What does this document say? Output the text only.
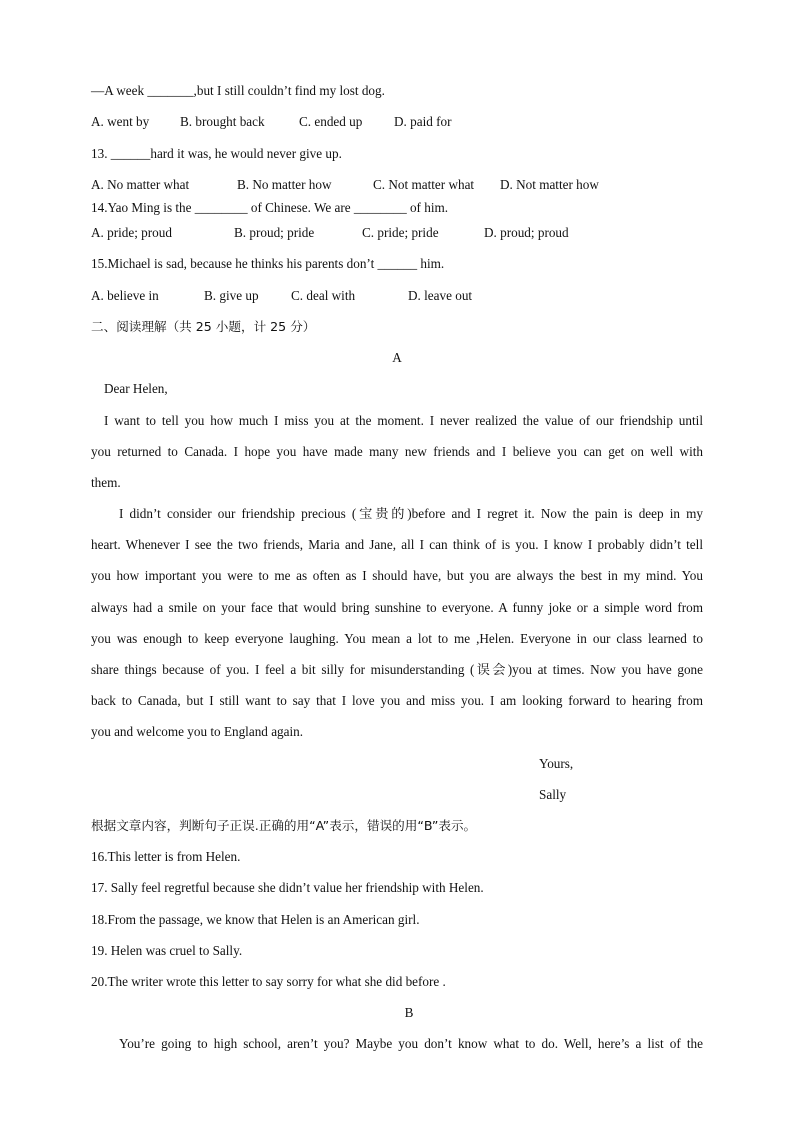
—A week _______,but I still couldn’t find my lost dog.
A. went by B. brought back	C. ended up D. paid for
13. ______hard it was, he would never give up.
A. No matter what	B. No matter how	C. Not matter what D. Not matter how
14.Yao Ming is the ________ of Chinese. We are ________ of him.
A. pride; proud	B. proud; pride	C. pride; pride	D. proud; proud
15.Michael is sad, because he thinks his parents don’t ______ him.
A. believe in	B. give up C. deal with	D. leave out
二、阅读理解（共 25 小题，计 25 分）
A
Dear Helen,
I want to tell you how much I miss you at the moment. I never realized the value of our friendship until
you returned to Canada. I hope you have made many new friends and I believe you can get on well with
them.
I didn’t consider our friendship precious (宝贵的)before and I regret it. Now the pain is deep in my
heart. Whenever I see the two friends, Maria and Jane, all I can think of is you. I know I probably didn’t tell
you how important you were to me as often as I should have, but you are always the best in my mind. You
always had a smile on your face that would bring sunshine to everyone. A funny joke or a simple word from
you was enough to keep everyone laughing. You mean a lot to me ,Helen. Everyone in our class learned to
share things because of you. I feel a bit silly for misunderstanding (误会)you at times. Now you have gone
back to Canada, but I still want to say that I love you and miss you. I am looking forward to hearing from
you and welcome you to England again.
Yours,
Sally
根据文章内容，判断句子正误.正确的用“A”表示，错误的用“B”表示。
16.This letter is from Helen.
17. Sally feel regretful because she didn’t value her friendship with Helen.
18.From the passage, we know that Helen is an American girl.
19. Helen was cruel to Sally.
20.The writer wrote this letter to say sorry for what she did before .
B
You’re going to high school, aren’t you? Maybe you don’t know what to do. Well, here’s a list of the
